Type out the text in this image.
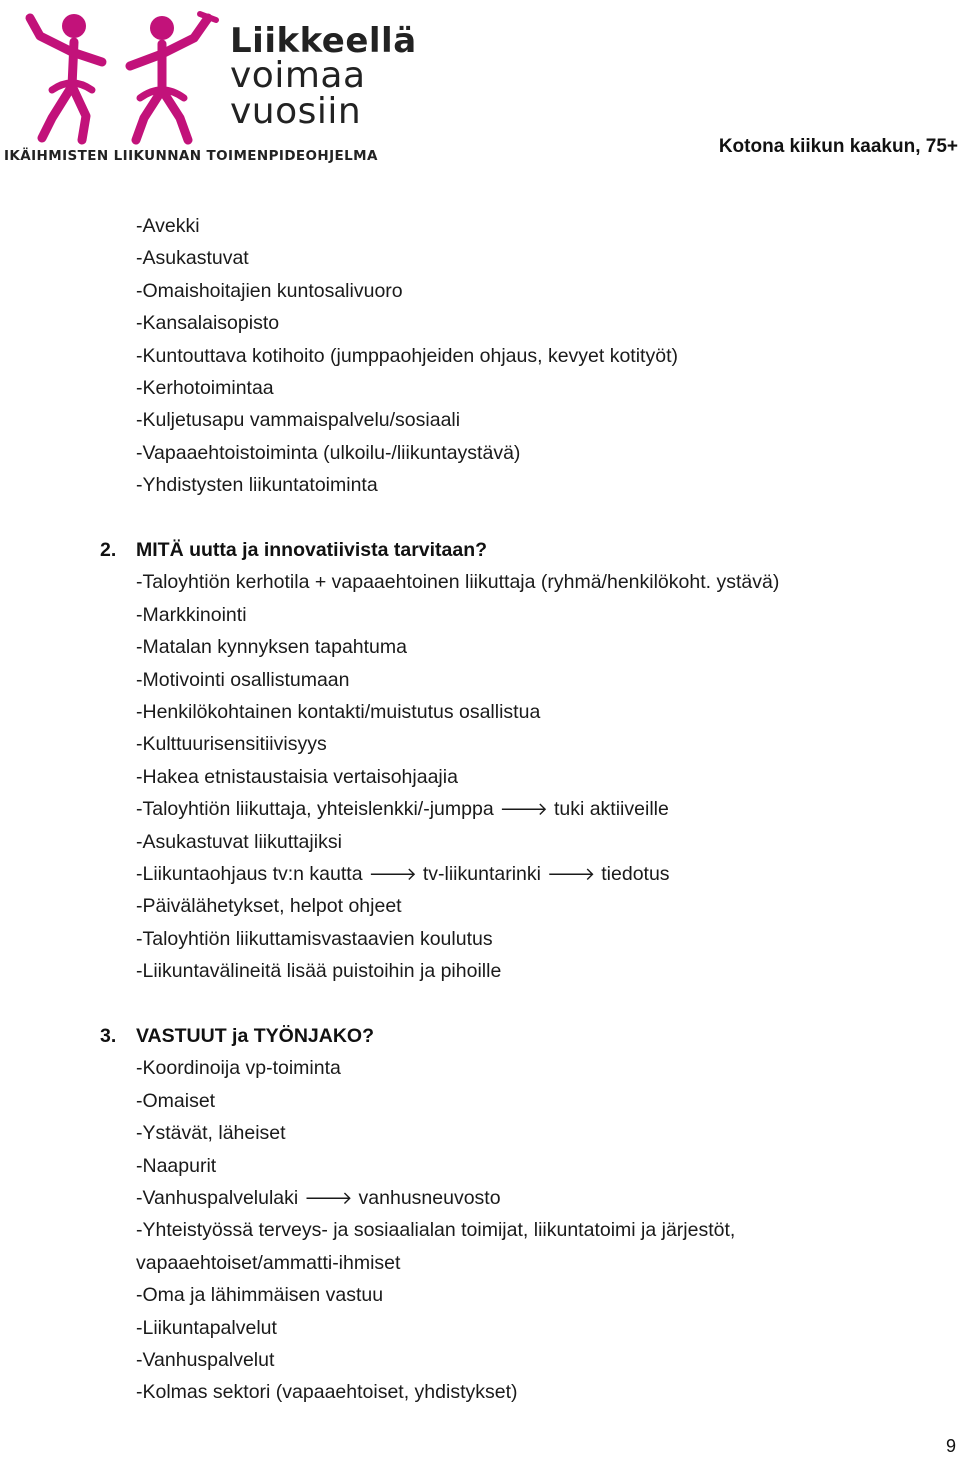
Liikkeellä
voimaa
vuosiin
IKÄIHMISTEN LIIKUNNAN TOIMENPIDEOHJELMA	Kotona kiikun kaakun, 75+
-Avekki
-Asukastuvat
-Omaishoitajien kuntosalivuoro
-Kansalaisopisto
-Kuntouttava kotihoito (jumppaohjeiden ohjaus, kevyet kotityöt)
-Kerhotoimintaa
-Kuljetusapu vammaispalvelu/sosiaali
-Vapaaehtoistoiminta (ulkoilu-/liikuntaystävä)
-Yhdistysten liikuntatoiminta
2. MITÄ uutta ja innovatiivista tarvitaan?
-Taloyhtiön kerhotila + vapaaehtoinen liikuttaja (ryhmä/henkilökoht. ystävä)
-Markkinointi
-Matalan kynnyksen tapahtuma
-Motivointi osallistumaan
-Henkilökohtainen kontakti/muistutus osallistua
-Kulttuurisensitiivisyys
-Hakea etnistaustaisia vertaisohjaajia
-Taloyhtiön liikuttaja, yhteislenkki/-jumppa 🡒 tuki aktiiveille
-Asukastuvat liikuttajiksi
-Liikuntaohjaus tv:n kautta 🡒 tv-liikuntarinki 🡒 tiedotus
-Päivälähetykset, helpot ohjeet
-Taloyhtiön liikuttamisvastaavien koulutus
-Liikuntavälineitä lisää puistoihin ja pihoille
3. VASTUUT ja TYÖNJAKO?
-Koordinoija vp-toiminta
-Omaiset
-Ystävät, läheiset
-Naapurit
-Vanhuspalvelulaki 🡒 vanhusneuvosto
-Yhteistyössä terveys- ja sosiaalialan toimijat, liikuntatoimi ja järjestöt,
vapaaehtoiset/ammatti-ihmiset
-Oma ja lähimmäisen vastuu
-Liikuntapalvelut
-Vanhuspalvelut
-Kolmas sektori (vapaaehtoiset, yhdistykset)
9
